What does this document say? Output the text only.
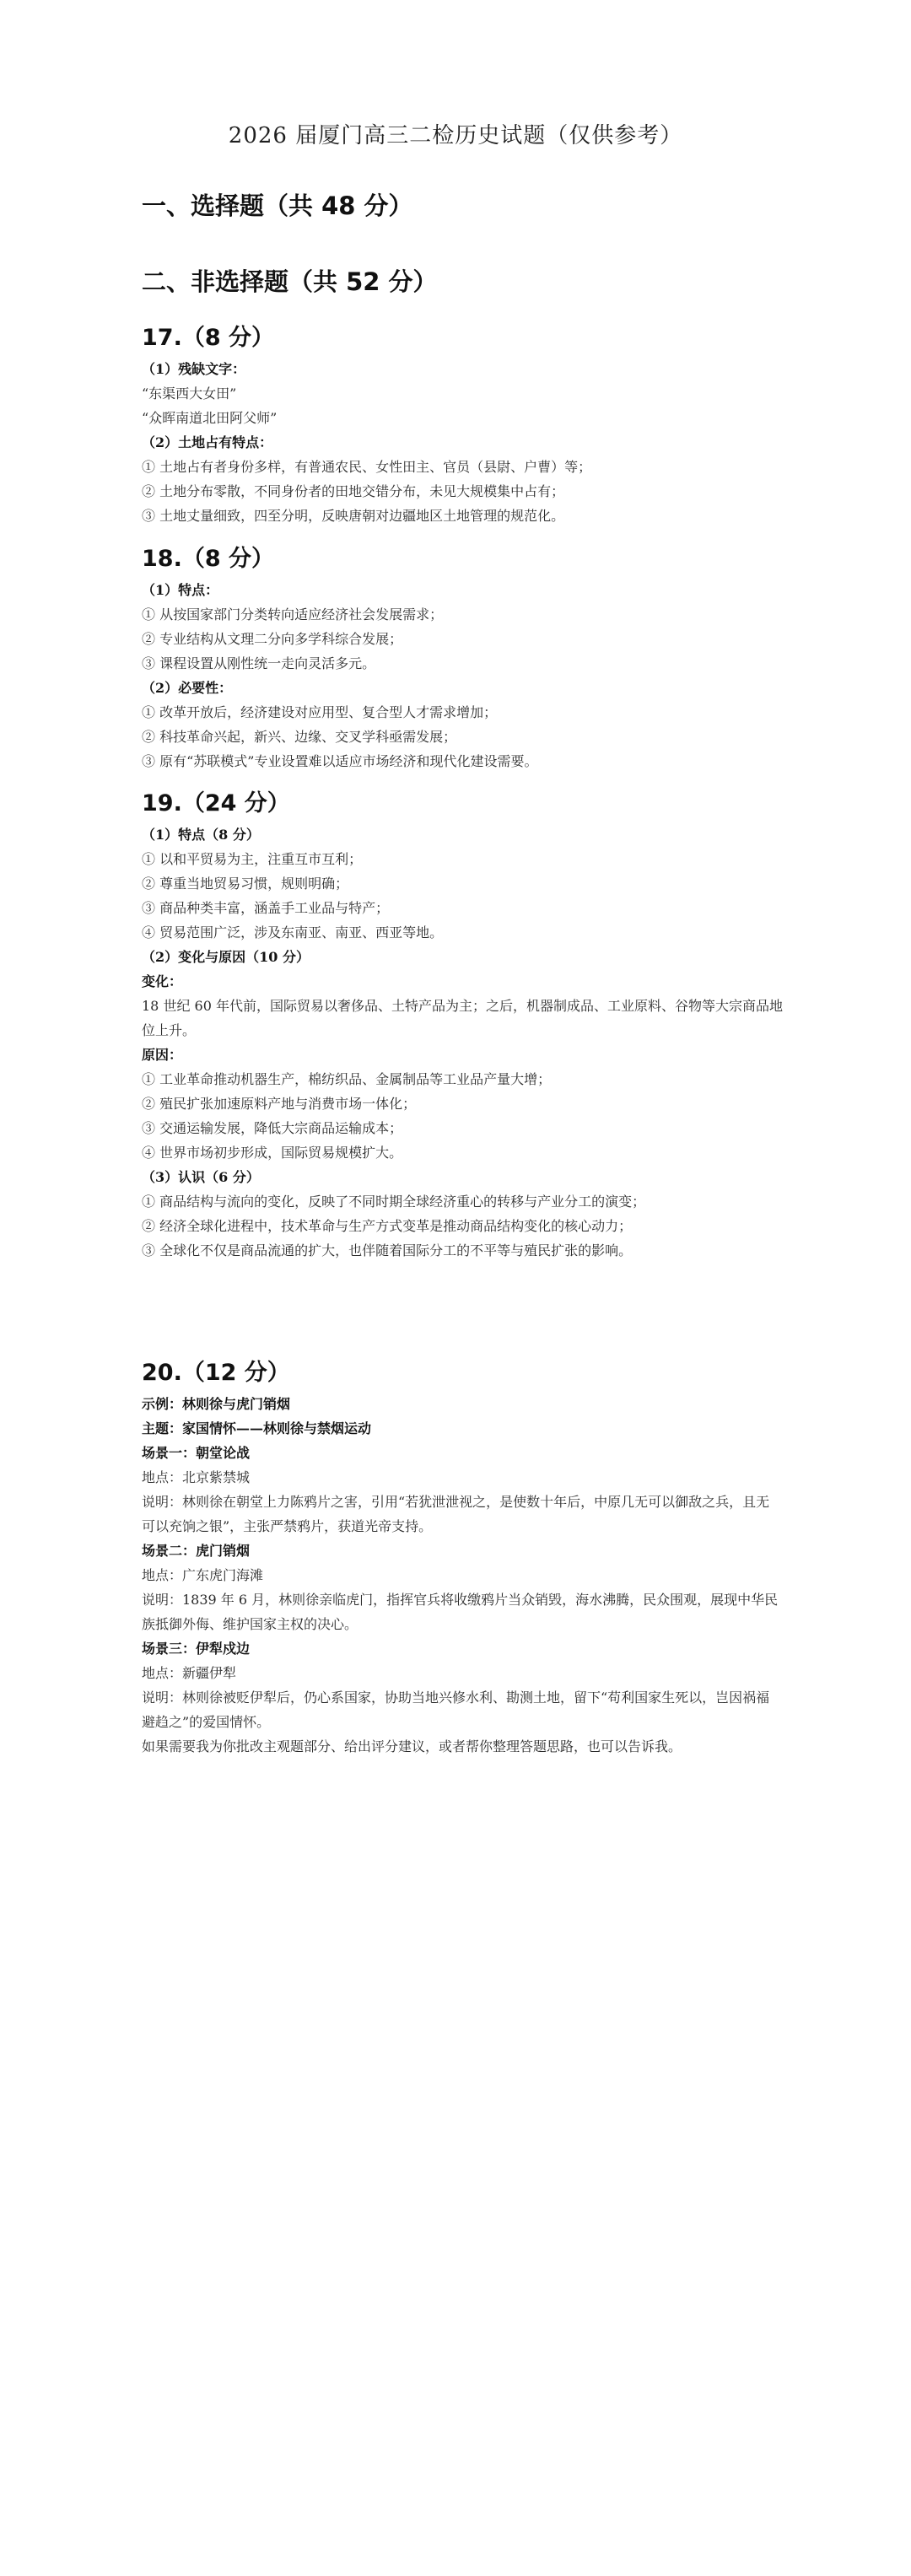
2026 届厦门高三二检历史试题（仅供参考）
一、选择题（共 48 分）
二、非选择题（共 52 分）
17.（8 分）
（1）残缺文字：
“东渠西大女田”
“众晖南道北田阿父师”
（2）土地占有特点：
① 土地占有者身份多样，有普通农民、女性田主、官员（县尉、户曹）等；
② 土地分布零散，不同身份者的田地交错分布，未见大规模集中占有；
③ 土地丈量细致，四至分明，反映唐朝对边疆地区土地管理的规范化。
18.（8 分）
（1）特点：
① 从按国家部门分类转向适应经济社会发展需求；
② 专业结构从文理二分向多学科综合发展；
③ 课程设置从刚性统一走向灵活多元。
（2）必要性：
① 改革开放后，经济建设对应用型、复合型人才需求增加；
② 科技革命兴起，新兴、边缘、交叉学科亟需发展；
③ 原有“苏联模式”专业设置难以适应市场经济和现代化建设需要。
19.（24 分）
（1）特点（8 分）
① 以和平贸易为主，注重互市互利；
② 尊重当地贸易习惯，规则明确；
③ 商品种类丰富，涵盖手工业品与特产；
④ 贸易范围广泛，涉及东南亚、南亚、西亚等地。
（2）变化与原因（10 分）
变化：
18 世纪 60 年代前，国际贸易以奢侈品、土特产品为主；之后，机器制成品、工业原料、谷物等大宗商品地位上升。
原因：
① 工业革命推动机器生产，棉纺织品、金属制品等工业品产量大增；
② 殖民扩张加速原料产地与消费市场一体化；
③ 交通运输发展，降低大宗商品运输成本；
④ 世界市场初步形成，国际贸易规模扩大。
（3）认识（6 分）
① 商品结构与流向的变化，反映了不同时期全球经济重心的转移与产业分工的演变；
② 经济全球化进程中，技术革命与生产方式变革是推动商品结构变化的核心动力；
③ 全球化不仅是商品流通的扩大，也伴随着国际分工的不平等与殖民扩张的影响。
20.（12 分）
示例：林则徐与虎门销烟
主题：家国情怀——林则徐与禁烟运动
场景一：朝堂论战
地点：北京紫禁城
说明：林则徐在朝堂上力陈鸦片之害，引用“若犹泄泄视之，是使数十年后，中原几无可以御敌之兵，且无可以充饷之银”，主张严禁鸦片，获道光帝支持。
场景二：虎门销烟
地点：广东虎门海滩
说明：1839 年 6 月，林则徐亲临虎门，指挥官兵将收缴鸦片当众销毁，海水沸腾，民众围观，展现中华民族抵御外侮、维护国家主权的决心。
场景三：伊犁戍边
地点：新疆伊犁
说明：林则徐被贬伊犁后，仍心系国家，协助当地兴修水利、勘测土地，留下“苟利国家生死以，岂因祸福避趋之”的爱国情怀。
如果需要我为你批改主观题部分、给出评分建议，或者帮你整理答题思路，也可以告诉我。
